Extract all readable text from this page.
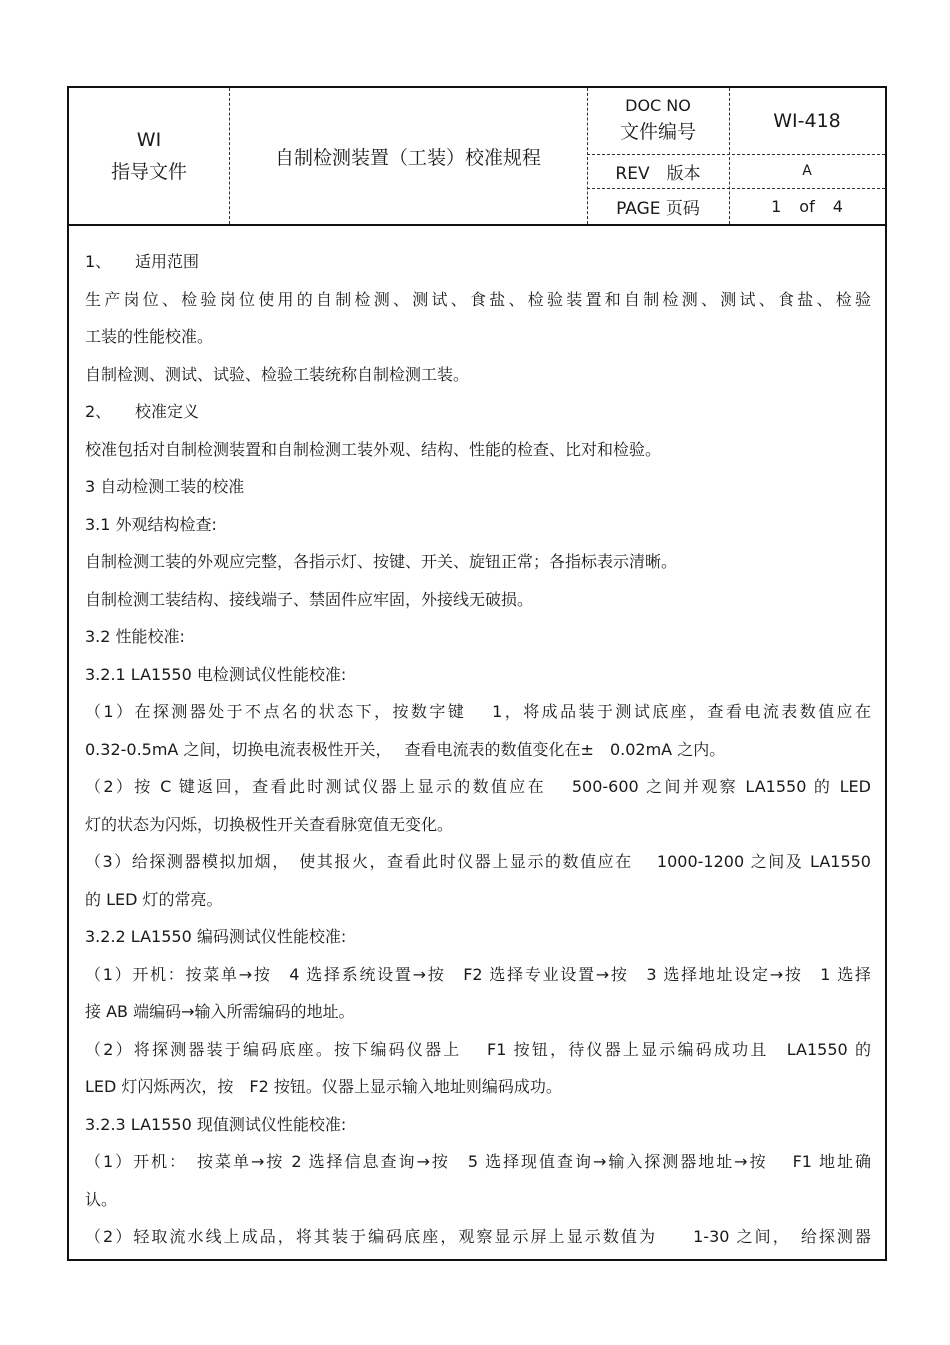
WI
指导文件
自制检测装置（工装）校准规程
DOC NO
文件编号	WI-418
REV　版本	A
PAGE 页码	1 of 4
1、 适用范围
生产岗位、检验岗位使用的自制检测、测试、食盐、检验装置和自制检测、测试、食盐、检验
工装的性能校准。
自制检测、测试、试验、检验工装统称自制检测工装。
2、 校准定义
校准包括对自制检测装置和自制检测工装外观、结构、性能的检查、比对和检验。
3 自动检测工装的校准
3.1 外观结构检查:
自制检测工装的外观应完整，各指示灯、按键、开关、旋钮正常；各指标表示清晰。
自制检测工装结构、接线端子、禁固件应牢固，外接线无破损。
3.2 性能校准:
3.2.1 LA1550 电检测试仪性能校准:
（1）在探测器处于不点名的状态下，按数字键　 1，将成品装于测试底座，查看电流表数值应在
0.32-0.5mA 之间，切换电流表极性开关，　 查看电流表的数值变化在±　0.02mA 之内。
（2）按 C 键返回，查看此时测试仪器上显示的数值应在　 500-600 之间并观察 LA1550 的 LED
灯的状态为闪烁，切换极性开关查看脉宽值无变化。
（3）给探测器模拟加烟，　使其报火，查看此时仪器上显示的数值应在　 1000-1200 之间及 LA1550
的 LED 灯的常亮。
3.2.2 LA1550 编码测试仪性能校准:
（1）开机：按菜单→按　4 选择系统设置→按　F2 选择专业设置→按　3 选择地址设定→按　1 选择
接 AB 端编码→输入所需编码的地址。
（2）将探测器装于编码底座。按下编码仪器上　 F1 按钮，待仪器上显示编码成功且　LA1550 的
LED 灯闪烁两次，按　F2 按钮。仪器上显示输入地址则编码成功。
3.2.3 LA1550 现值测试仪性能校准:
（1）开机：　按菜单→按 2 选择信息查询→按　5 选择现值查询→输入探测器地址→按　 F1 地址确
认。
（2）轻取流水线上成品，将其装于编码底座，观察显示屏上显示数值为　　1-30 之间，　给探测器
